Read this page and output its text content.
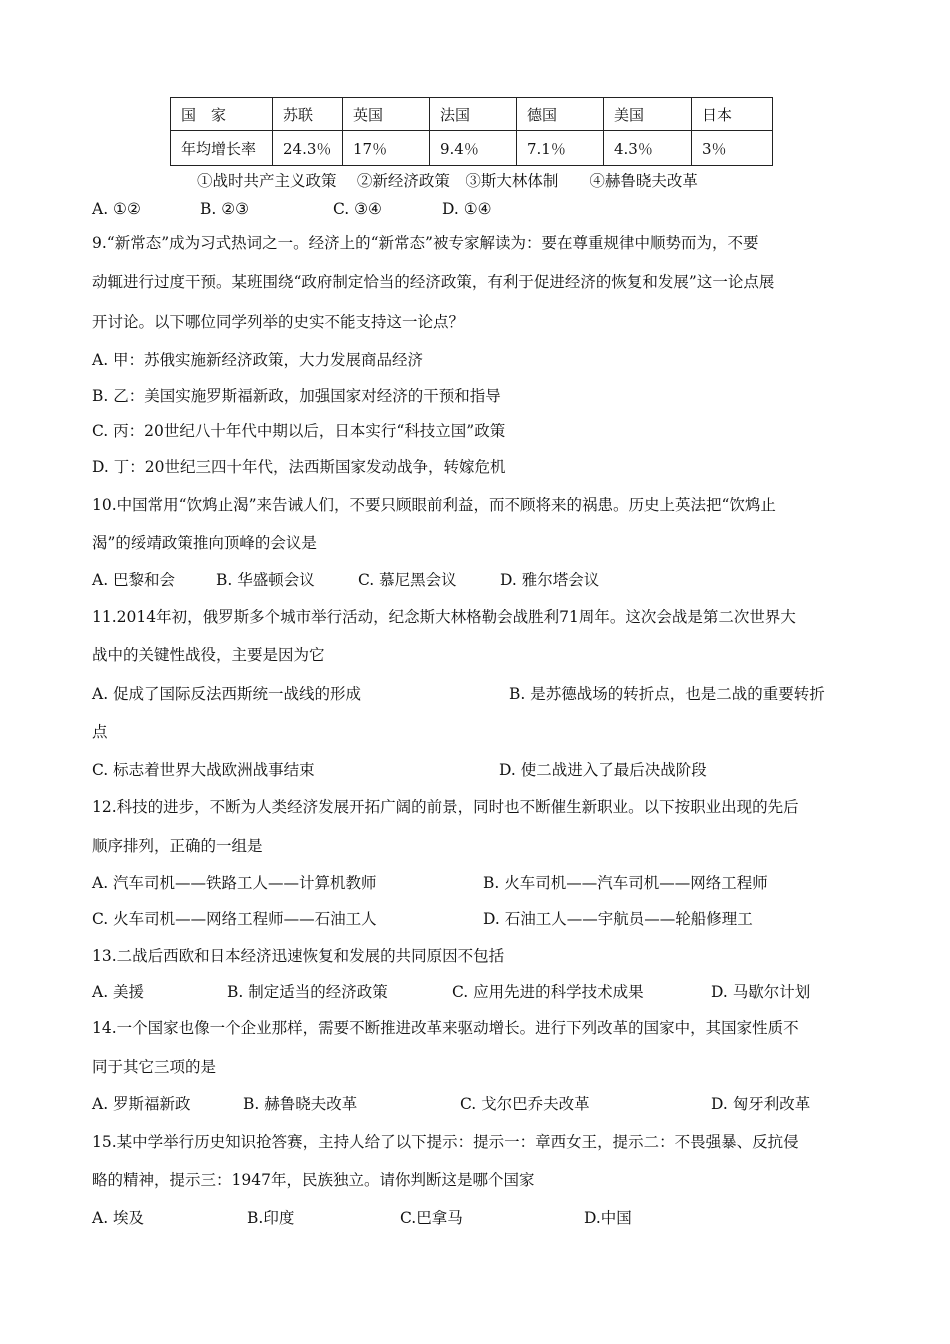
国　家	苏联	英国	法国	德国	美国	日本
年均增长率	24.3％	17％	9.4％	7.1％	4.3％	3％
①战时共产主义政策　 ②新经济政策　③斯大林体制　　④赫鲁晓夫改革
A. ①②	B. ②③	C. ③④	D. ①④
9.“新常态”成为习式热词之一。经济上的“新常态”被专家解读为：要在尊重规律中顺势而为，不要
动辄进行过度干预。某班围绕“政府制定恰当的经济政策，有利于促进经济的恢复和发展”这一论点展
开讨论。以下哪位同学列举的史实不能支持这一论点？
A. 甲：苏俄实施新经济政策，大力发展商品经济
B. 乙：美国实施罗斯福新政，加强国家对经济的干预和指导
C. 丙：20世纪八十年代中期以后，日本实行“科技立国”政策
D. 丁：20世纪三四十年代，法西斯国家发动战争，转嫁危机
10.中国常用“饮鸩止渴”来告诫人们，不要只顾眼前利益，而不顾将来的祸患。历史上英法把“饮鸩止
渴”的绥靖政策推向顶峰的会议是
A. 巴黎和会	B. 华盛顿会议	C. 慕尼黑会议	D. 雅尔塔会议
11.2014年初，俄罗斯多个城市举行活动，纪念斯大林格勒会战胜利71周年。这次会战是第二次世界大
战中的关键性战役，主要是因为它
A. 促成了国际反法西斯统一战线的形成	B. 是苏德战场的转折点，也是二战的重要转折
点
C. 标志着世界大战欧洲战事结束	D. 使二战进入了最后决战阶段
12.科技的进步，不断为人类经济发展开拓广阔的前景，同时也不断催生新职业。以下按职业出现的先后
顺序排列，正确的一组是
A. 汽车司机——铁路工人——计算机教师	B. 火车司机——汽车司机——网络工程师
C. 火车司机——网络工程师——石油工人	D. 石油工人——宇航员——轮船修理工
13.二战后西欧和日本经济迅速恢复和发展的共同原因不包括
A. 美援	B. 制定适当的经济政策	C. 应用先进的科学技术成果	D. 马歇尔计划
14.一个国家也像一个企业那样，需要不断推进改革来驱动增长。进行下列改革的国家中，其国家性质不
同于其它三项的是
A. 罗斯福新政	B. 赫鲁晓夫改革	C. 戈尔巴乔夫改革	D. 匈牙利改革
15.某中学举行历史知识抢答赛，主持人给了以下提示：提示一：章西女王，提示二：不畏强暴、反抗侵
略的精神，提示三：1947年，民族独立。请你判断这是哪个国家
A. 埃及	B.印度	C.巴拿马	D.中国
